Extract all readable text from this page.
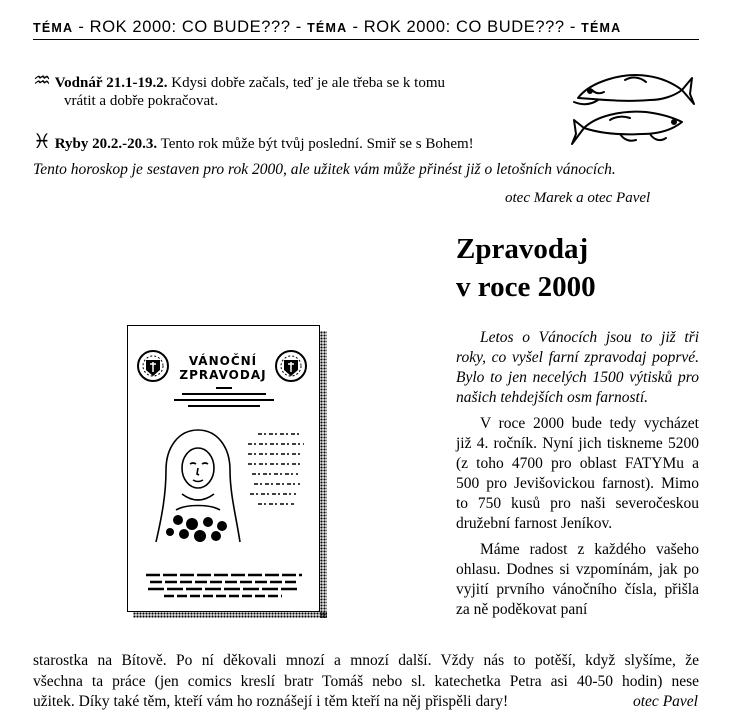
TÉMA - ROK 2000: CO BUDE??? - TÉMA - ROK 2000: CO BUDE??? - TÉMA
♒ Vodnář 21.1-19.2. Kdysi dobře začals, teď je ale třeba se k tomu
vrátit a dobře pokračovat.
♓ Ryby 20.2.-20.3. Tento rok může být tvůj poslední. Smiř se s Bohem!
Tento horoskop je sestaven pro rok 2000, ale užitek vám může přinést již o letošních vánocích.
otec Marek a otec Pavel
Zpravodaj
v roce 2000

Letos o Vánocích jsou to již tři roky, co vyšel farní zpravodaj poprvé. Bylo to jen necelých 1500 výtisků pro našich tehdejších osm farností.

V roce 2000 bude tedy vycházet již 4. ročník. Nyní jich tiskneme 5200 (z toho 4700 pro oblast FATYMu a 500 pro Jevišovickou farnost). Mimo to 750 kusů pro naši severočeskou družební farnost Jeníkov.

Máme radost z každého vašeho ohlasu. Dodnes si vzpomínám, jak po vyjití prvního vánočního čísla, přišla za ně poděkovat paní

starostka na Bítově. Po ní děkovali mnozí a mnozí další. Vždy nás to potěší, když slyšíme, že

všechna ta práce (jen comics kreslí bratr Tomáš nebo sl. katechetka Petra asi 40-50 hodin) nese

užitek. Díky také těm, kteří vám ho roznášejí i těm kteří na něj přispěli dary!	otec Pavel

VÁNOČNÍ
ZPRAVODAJ
